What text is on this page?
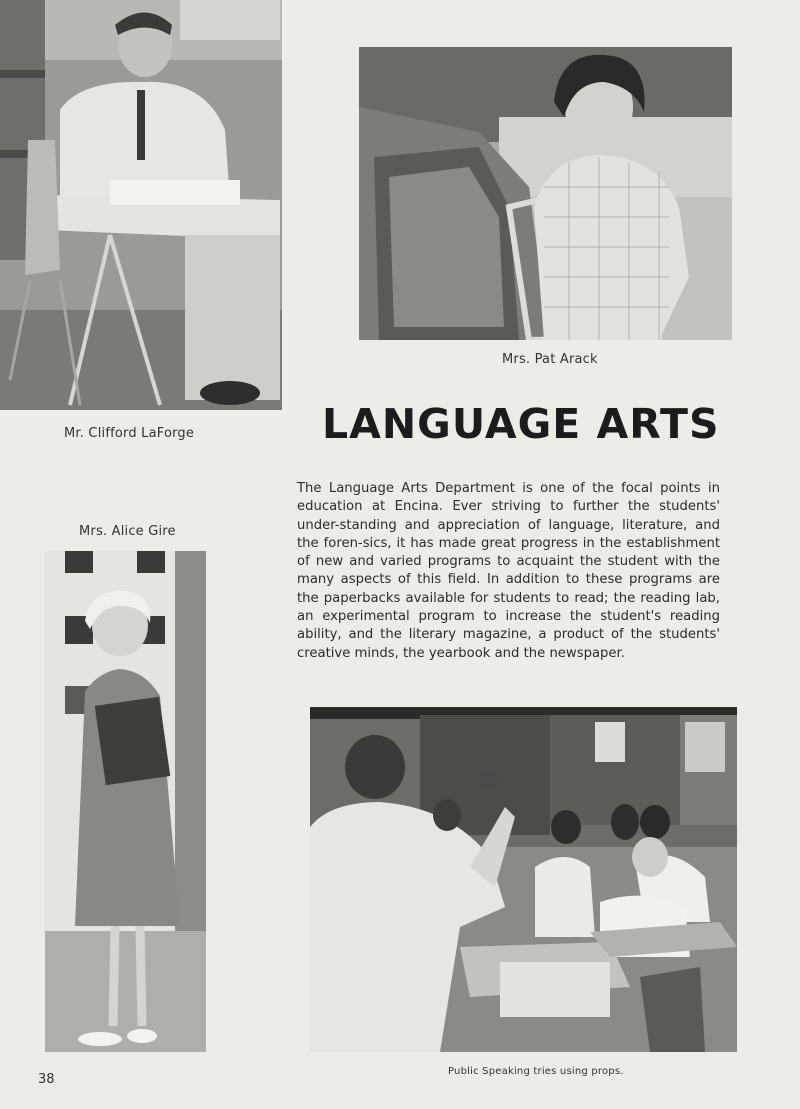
Mrs. Pat Arack
Mr. Clifford LaForge	LANGUAGE ARTS
Mrs. Alice Gire
The Language Arts Department is one of the focal points in education at Encina. Ever striving to further the students' under-standing and appreciation of language, literature, and the foren-sics, it has made great progress in the establishment of new and varied programs to acquaint the student with the many aspects of this field. In addition to these programs are the paperbacks available for students to read; the reading lab, an experimental program to increase the student's reading ability, and the literary magazine, a product of the students' creative minds, the yearbook and the newspaper.
Public Speaking tries using props.
38
